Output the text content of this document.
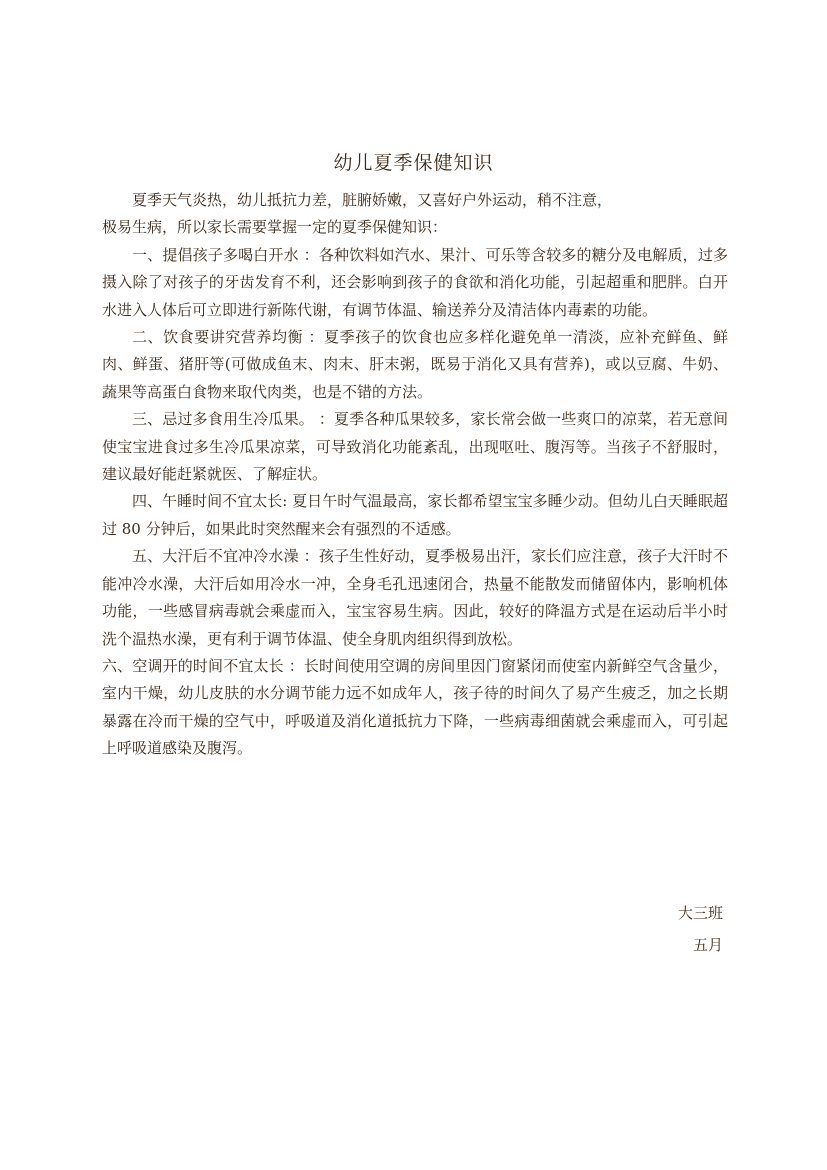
幼儿夏季保健知识

夏季天气炎热，幼儿抵抗力差，脏腑娇嫩，又喜好户外运动，稍不注意，

极易生病，所以家长需要掌握一定的夏季保健知识：

一、提倡孩子多喝白开水 ：各种饮料如汽水、果汁、可乐等含较多的糖分及电解质，过多摄入除了对孩子的牙齿发育不利，还会影响到孩子的食欲和消化功能，引起超重和肥胖。白开水进入人体后可立即进行新陈代谢，有调节体温、输送养分及清洁体内毒素的功能。

二、饮食要讲究营养均衡 ：夏季孩子的饮食也应多样化避免单一清淡，应补充鲜鱼、鲜肉、鲜蛋、猪肝等(可做成鱼末、肉末、肝末粥，既易于消化又具有营养)，或以豆腐、牛奶、蔬果等高蛋白食物来取代肉类，也是不错的方法。

三、忌过多食用生冷瓜果。 ：夏季各种瓜果较多，家长常会做一些爽口的凉菜，若无意间使宝宝进食过多生冷瓜果凉菜，可导致消化功能紊乱，出现呕吐、腹泻等。当孩子不舒服时，建议最好能赶紧就医、了解症状。

四、午睡时间不宜太长: 夏日午时气温最高，家长都希望宝宝多睡少动。但幼儿白天睡眠超过 80 分钟后，如果此时突然醒来会有强烈的不适感。

五、大汗后不宜冲冷水澡 ：孩子生性好动，夏季极易出汗，家长们应注意，孩子大汗时不能冲冷水澡，大汗后如用冷水一冲，全身毛孔迅速闭合，热量不能散发而储留体内，影响机体功能，一些感冒病毒就会乘虚而入，宝宝容易生病。因此，较好的降温方式是在运动后半小时洗个温热水澡，更有利于调节体温、使全身肌肉组织得到放松。

六、空调开的时间不宜太长 ：长时间使用空调的房间里因门窗紧闭而使室内新鲜空气含量少，室内干燥，幼儿皮肤的水分调节能力远不如成年人，孩子待的时间久了易产生疲乏，加之长期暴露在冷而干燥的空气中，呼吸道及消化道抵抗力下降，一些病毒细菌就会乘虚而入，可引起上呼吸道感染及腹泻。

大三班
五月
